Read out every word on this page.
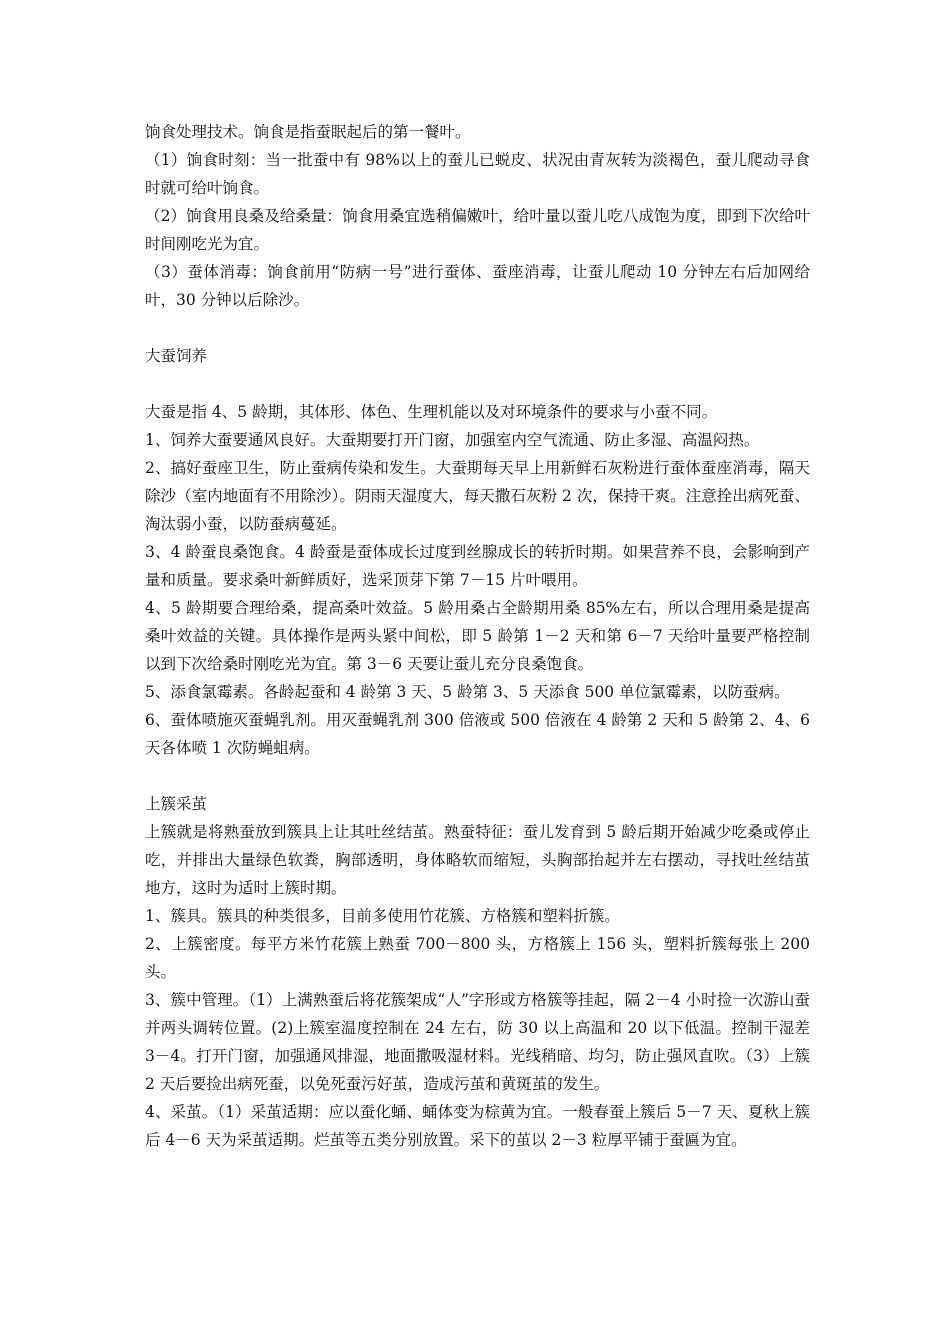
饷食处理技术。饷食是指蚕眠起后的第一餐叶。

（1）饷食时刻：当一批蚕中有 98%以上的蚕儿已蜕皮、状况由青灰转为淡褐色，蚕儿爬动寻食时就可给叶饷食。

（2）饷食用良桑及给桑量：饷食用桑宜选稍偏嫩叶，给叶量以蚕儿吃八成饱为度，即到下次给叶时间刚吃光为宜。

（3）蚕体消毒：饷食前用“防病一号”进行蚕体、蚕座消毒，让蚕儿爬动 10 分钟左右后加网给叶，30 分钟以后除沙。

大蚕饲养

大蚕是指 4、5 龄期，其体形、体色、生理机能以及对环境条件的要求与小蚕不同。

1、饲养大蚕要通风良好。大蚕期要打开门窗，加强室内空气流通、防止多湿、高温闷热。

2、搞好蚕座卫生，防止蚕病传染和发生。大蚕期每天早上用新鲜石灰粉进行蚕体蚕座消毒，隔天除沙（室内地面有不用除沙）。阴雨天湿度大，每天撒石灰粉 2 次，保持干爽。注意拴出病死蚕、淘汰弱小蚕，以防蚕病蔓延。

3、4 龄蚕良桑饱食。4 龄蚕是蚕体成长过度到丝腺成长的转折时期。如果营养不良，会影响到产量和质量。要求桑叶新鲜质好，选采顶芽下第 7－15 片叶喂用。

4、5 龄期要合理给桑，提高桑叶效益。5 龄用桑占全龄期用桑 85%左右，所以合理用桑是提高桑叶效益的关键。具体操作是两头紧中间松，即 5 龄第 1－2 天和第 6－7 天给叶量要严格控制以到下次给桑时刚吃光为宜。第 3－6 天要让蚕儿充分良桑饱食。

5、添食氯霉素。各龄起蚕和 4 龄第 3 天、5 龄第 3、5 天添食 500 单位氯霉素，以防蚕病。

6、蚕体喷施灭蚕蝇乳剂。用灭蚕蝇乳剂 300 倍液或 500 倍液在 4 龄第 2 天和 5 龄第 2、4、6 天各体喷 1 次防蝇蛆病。

上簇采茧

上簇就是将熟蚕放到簇具上让其吐丝结茧。熟蚕特征：蚕儿发育到 5 龄后期开始减少吃桑或停止吃，并排出大量绿色软粪，胸部透明，身体略软而缩短，头胸部抬起并左右摆动，寻找吐丝结茧地方，这时为适时上簇时期。

1、簇具。簇具的种类很多，目前多使用竹花簇、方格簇和塑料折簇。

2、上簇密度。每平方米竹花簇上熟蚕 700－800 头，方格簇上 156 头，塑料折簇每张上 200 头。

3、簇中管理。（1）上满熟蚕后将花簇架成“人”字形或方格簇等挂起，隔 2－4 小时捡一次游山蚕并两头调转位置。(2)上簇室温度控制在 24 左右，防 30 以上高温和 20 以下低温。控制干湿差 3－4。打开门窗，加强通风排湿，地面撒吸湿材料。光线稍暗、均匀，防止强风直吹。（3）上簇 2 天后要捡出病死蚕，以免死蚕污好茧，造成污茧和黄斑茧的发生。

4、采茧。（1）采茧适期：应以蚕化蛹、蛹体变为棕黄为宜。一般春蚕上簇后 5－7 天、夏秋上簇后 4－6 天为采茧适期。烂茧等五类分别放置。采下的茧以 2－3 粒厚平铺于蚕匾为宜。
